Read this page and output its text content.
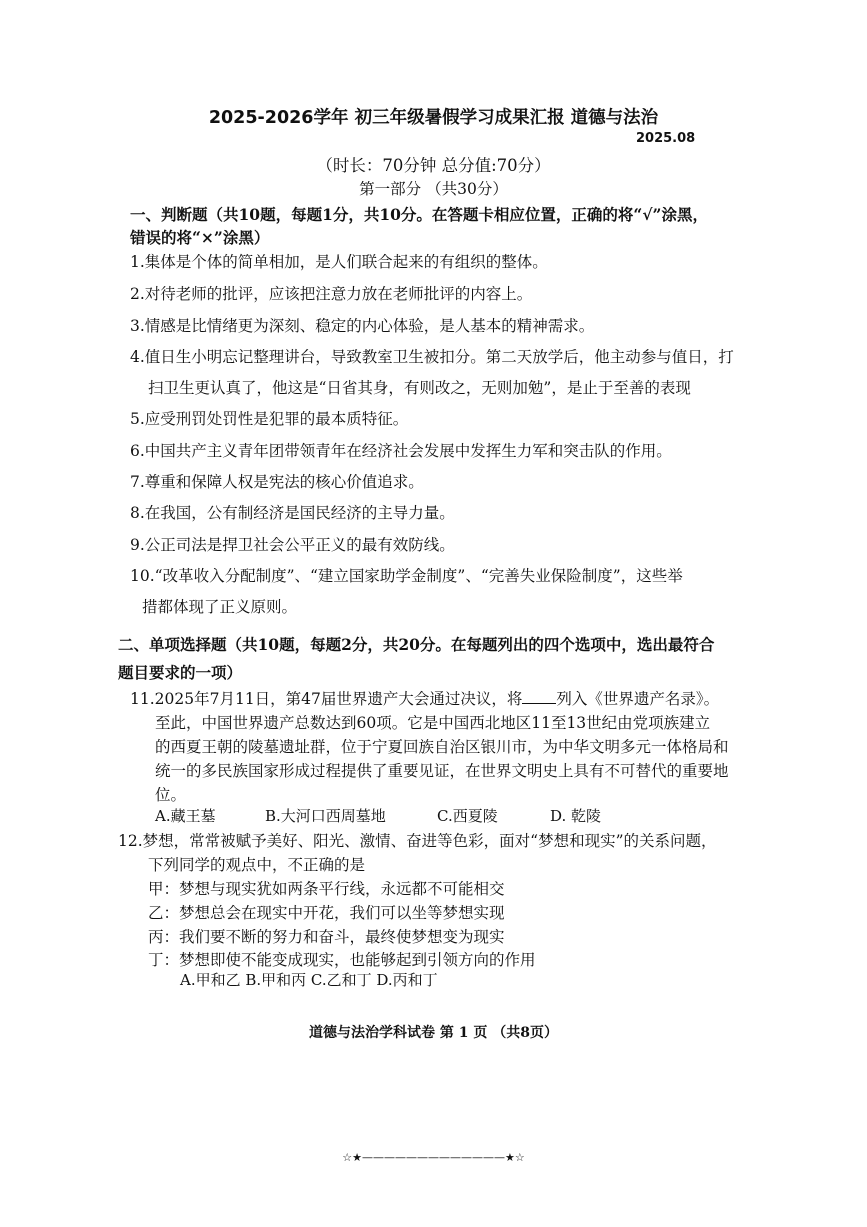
2025-2026学年 初三年级暑假学习成果汇报 道德与法治
2025.08
（时长：70分钟 总分值:70分）
第一部分 （共30分）
一、判断题（共10题，每题1分，共10分。在答题卡相应位置，正确的将“√”涂黑，
错误的将“×”涂黑）
1.集体是个体的简单相加，是人们联合起来的有组织的整体。
2.对待老师的批评，应该把注意力放在老师批评的内容上。
3.情感是比情绪更为深刻、稳定的内心体验，是人基本的精神需求。
4.值日生小明忘记整理讲台，导致教室卫生被扣分。第二天放学后，他主动参与值日，打
扫卫生更认真了，他这是“日省其身，有则改之，无则加勉”，是止于至善的表现
5.应受刑罚处罚性是犯罪的最本质特征。
6.中国共产主义青年团带领青年在经济社会发展中发挥生力军和突击队的作用。
7.尊重和保障人权是宪法的核心价值追求。
8.在我国，公有制经济是国民经济的主导力量。
9.公正司法是捍卫社会公平正义的最有效防线。
10.“改革收入分配制度”、“建立国家助学金制度”、“完善失业保险制度”，这些举
措都体现了正义原则。
二、单项选择题（共10题，每题2分，共20分。在每题列出的四个选项中，选出最符合
题目要求的一项）
11.2025年7月11日，第47届世界遗产大会通过决议，将 列入《世界遗产名录》。
至此，中国世界遗产总数达到60项。它是中国西北地区11至13世纪由党项族建立
的西夏王朝的陵墓遗址群，位于宁夏回族自治区银川市，为中华文明多元一体格局和
统一的多民族国家形成过程提供了重要见证，在世界文明史上具有不可替代的重要地
位。
A.藏王墓	B.大河口西周墓地	C.西夏陵	D. 乾陵
12.梦想，常常被赋予美好、阳光、激情、奋进等色彩，面对“梦想和现实”的关系问题，
下列同学的观点中，不正确的是
甲：梦想与现实犹如两条平行线，永远都不可能相交
乙：梦想总会在现实中开花，我们可以坐等梦想实现
丙：我们要不断的努力和奋斗，最终使梦想变为现实
丁：梦想即使不能变成现实，也能够起到引领方向的作用
A.甲和乙 B.甲和丙 C.乙和丁 D.丙和丁
道德与法治学科试卷 第 1 页 （共8页）
☆★—————————————★☆
